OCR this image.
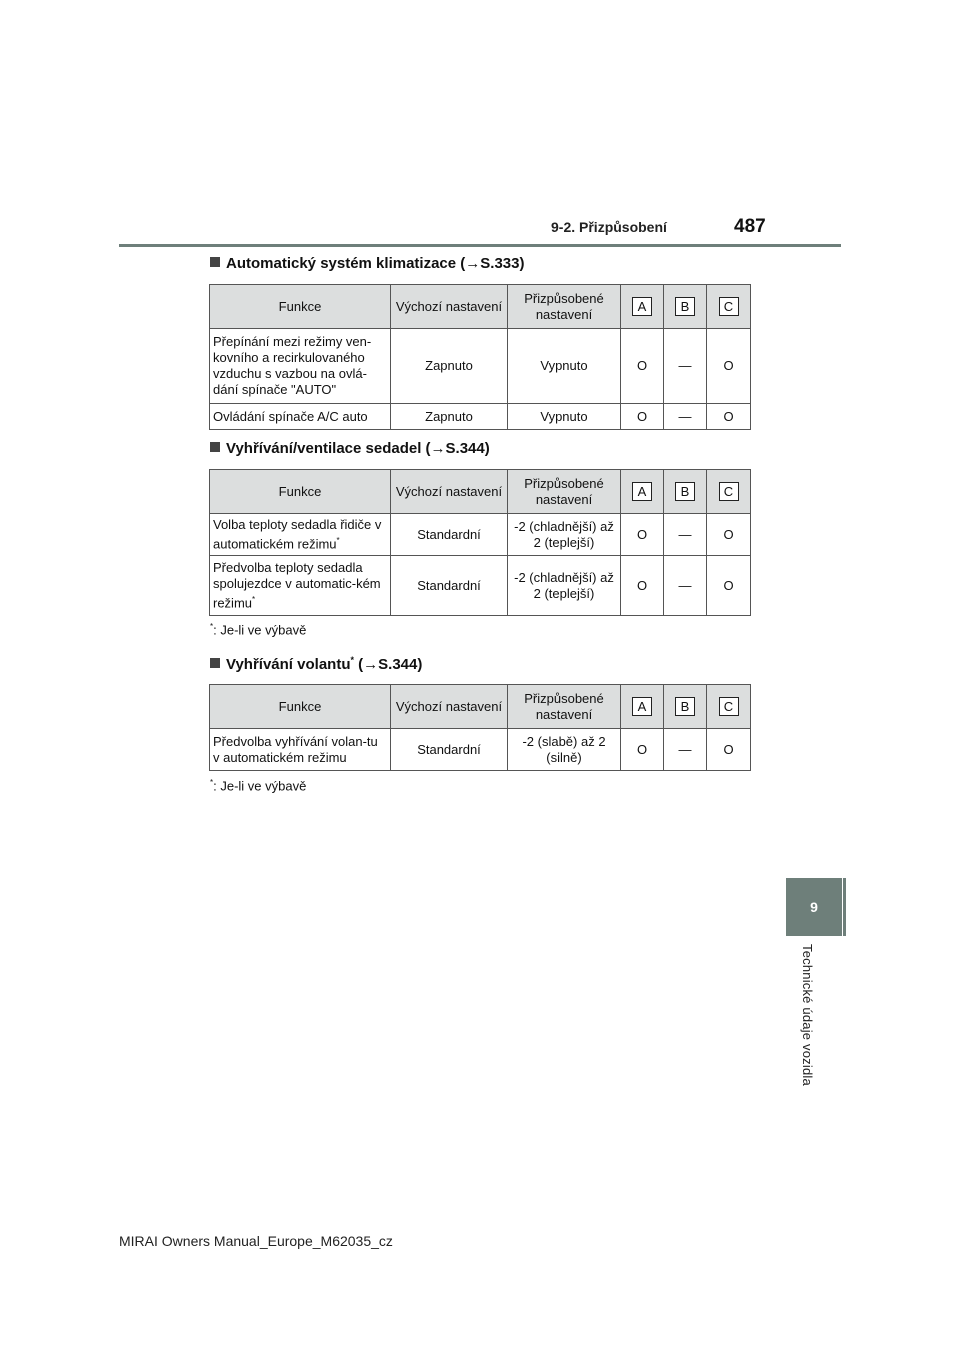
9-2. Přizpůsobení	487
9
Technické údaje vozidla
Automatický systém klimatizace (→S.333)
Funkce	Výchozí nastavení	Přizpůsobené nastavení	A	B	C
Přepínání mezi režimy ven-kovního a recirkulovaného vzduchu s vazbou na ovlá-dání spínače "AUTO"	Zapnuto	Vypnuto	O	—	O
Ovládání spínače A/C auto	Zapnuto	Vypnuto	O	—	O
Vyhřívání/ventilace sedadel (→S.344)
Funkce	Výchozí nastavení	Přizpůsobené nastavení	A	B	C
Volba teploty sedadla řidiče v automatickém režimu*	Standardní	-2 (chladnější) až 2 (teplejší)	O	—	O
Předvolba teploty sedadla spolujezdce v automatic-kém režimu*	Standardní	-2 (chladnější) až 2 (teplejší)	O	—	O
*: Je-li ve výbavě
Vyhřívání volantu* (→S.344)
Funkce	Výchozí nastavení	Přizpůsobené nastavení	A	B	C
Předvolba vyhřívání volan-tu v automatickém režimu	Standardní	-2 (slabě) až 2 (silně)	O	—	O
*: Je-li ve výbavě
MIRAI Owners Manual_Europe_M62035_cz
